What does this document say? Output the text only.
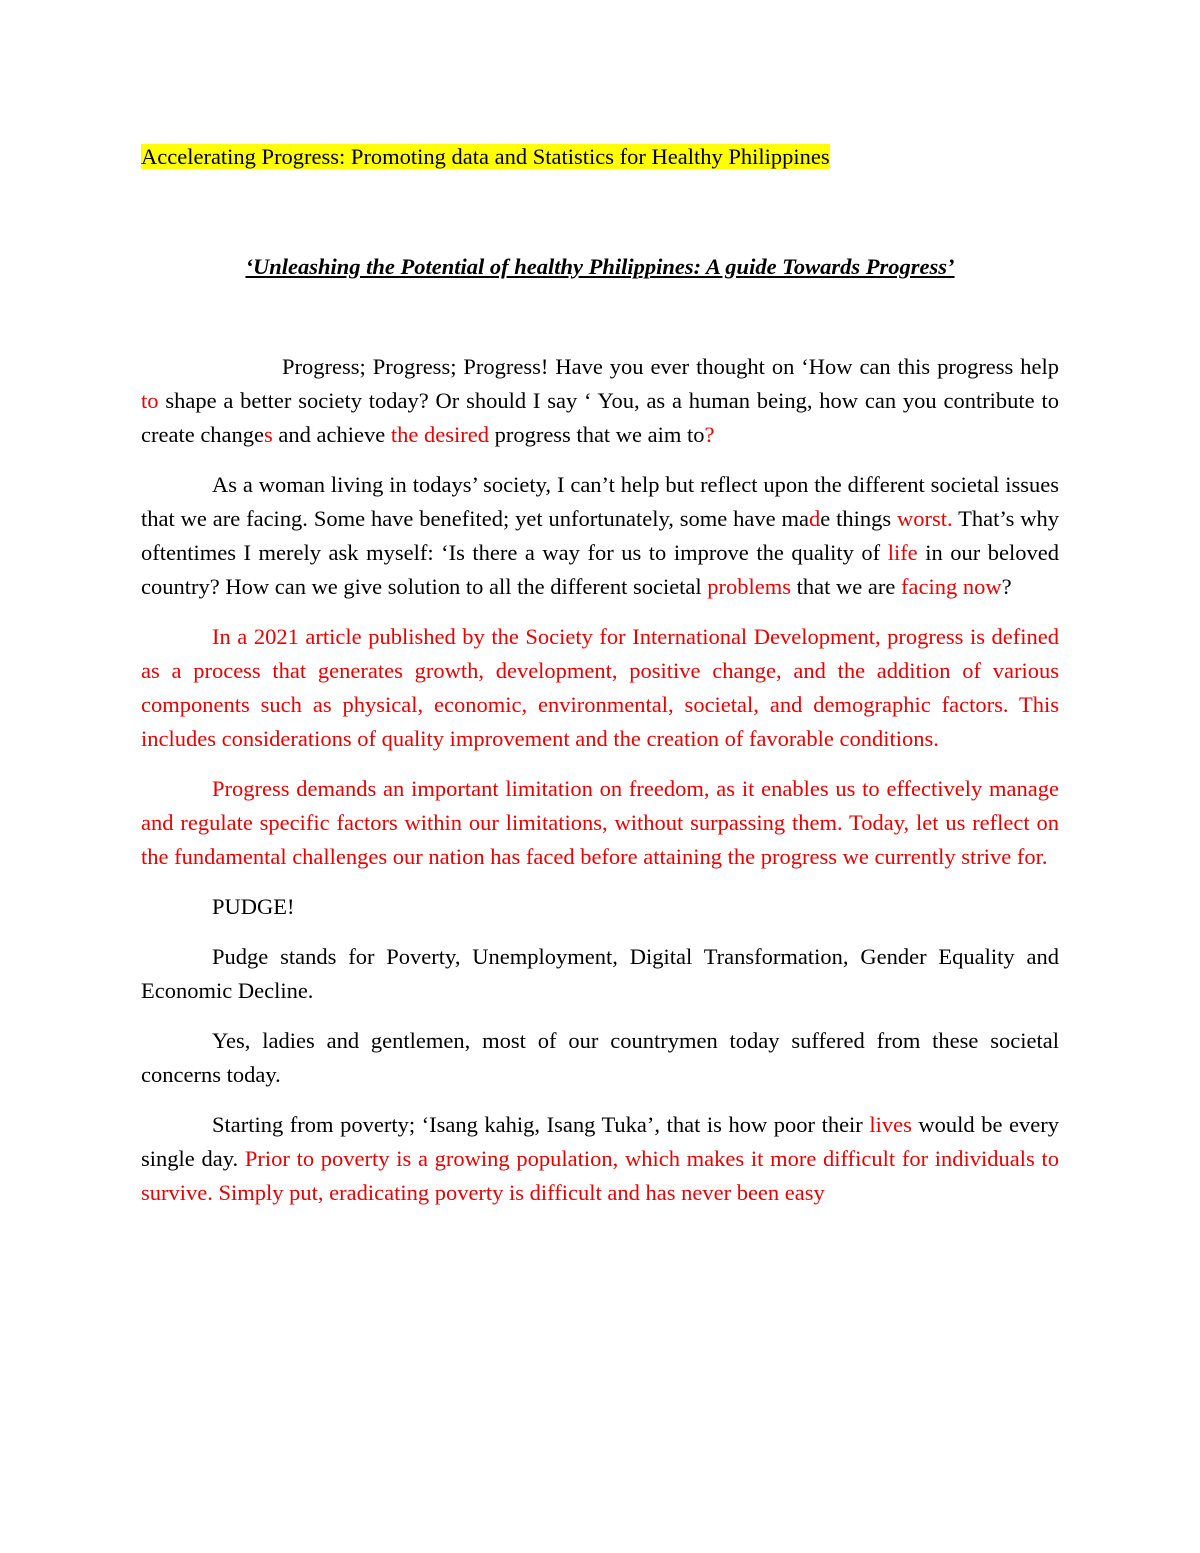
Accelerating Progress: Promoting data and Statistics for Healthy Philippines

‘Unleashing the Potential of healthy Philippines: A guide Towards Progress’

Progress; Progress; Progress! Have you ever thought on ‘How can this progress help to shape a better society today? Or should I say ‘ You, as a human being, how can you contribute to create changes and achieve the desired progress that we aim to?

As a woman living in todays’ society, I can’t help but reflect upon the different societal issues that we are facing. Some have benefited; yet unfortunately, some have made things worst. That’s why oftentimes I merely ask myself: ‘Is there a way for us to improve the quality of life in our beloved country? How can we give solution to all the different societal problems that we are facing now?

In a 2021 article published by the Society for International Development, progress is defined as a process that generates growth, development, positive change, and the addition of various components such as physical, economic, environmental, societal, and demographic factors. This includes considerations of quality improvement and the creation of favorable conditions.

Progress demands an important limitation on freedom, as it enables us to effectively manage and regulate specific factors within our limitations, without surpassing them. Today, let us reflect on the fundamental challenges our nation has faced before attaining the progress we currently strive for.

PUDGE!

Pudge stands for Poverty, Unemployment, Digital Transformation, Gender Equality and Economic Decline.

Yes, ladies and gentlemen, most of our countrymen today suffered from these societal concerns today.

Starting from poverty; ‘Isang kahig, Isang Tuka’, that is how poor their lives would be every single day. Prior to poverty is a growing population, which makes it more difficult for individuals to survive. Simply put, eradicating poverty is difficult and has never been easy
